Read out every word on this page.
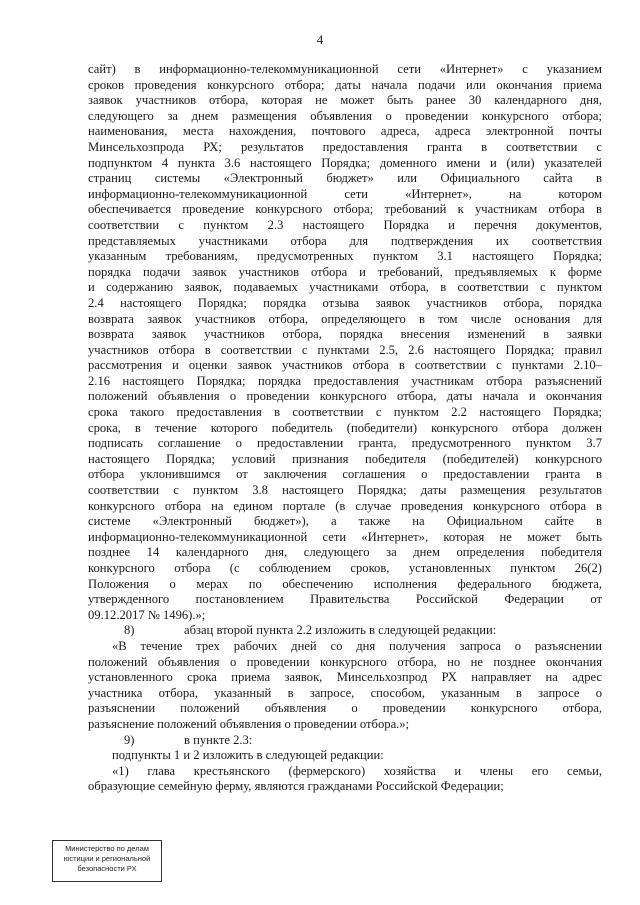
4
сайт) в информационно-телекоммуникационной сети «Интернет» с указанием
сроков проведения конкурсного отбора; даты начала подачи или окончания приема
заявок участников отбора, которая не может быть ранее 30 календарного дня,
следующего за днем размещения объявления о проведении конкурсного отбора;
наименования, места нахождения, почтового адреса, адреса электронной почты
Минсельхозпрода РХ; результатов предоставления гранта в соответствии с
подпунктом 4 пункта 3.6 настоящего Порядка; доменного имени и (или) указателей
страниц системы «Электронный бюджет» или Официального сайта в
информационно-телекоммуникационной сети «Интернет», на котором
обеспечивается проведение конкурсного отбора; требований к участникам отбора в
соответствии с пунктом 2.3 настоящего Порядка и перечня документов,
представляемых участниками отбора для подтверждения их соответствия
указанным требованиям, предусмотренных пунктом 3.1 настоящего Порядка;
порядка подачи заявок участников отбора и требований, предъявляемых к форме
и содержанию заявок, подаваемых участниками отбора, в соответствии с пунктом
2.4 настоящего Порядка; порядка отзыва заявок участников отбора, порядка
возврата заявок участников отбора, определяющего в том числе основания для
возврата заявок участников отбора, порядка внесения изменений в заявки
участников отбора в соответствии с пунктами 2.5, 2.6 настоящего Порядка; правил
рассмотрения и оценки заявок участников отбора в соответствии с пунктами 2.10–
2.16 настоящего Порядка; порядка предоставления участникам отбора разъяснений
положений объявления о проведении конкурсного отбора, даты начала и окончания
срока такого предоставления в соответствии с пунктом 2.2 настоящего Порядка;
срока, в течение которого победитель (победители) конкурсного отбора должен
подписать соглашение о предоставлении гранта, предусмотренного пунктом 3.7
настоящего Порядка; условий признания победителя (победителей) конкурсного
отбора уклонившимся от заключения соглашения о предоставлении гранта в
соответствии с пунктом 3.8 настоящего Порядка; даты размещения результатов
конкурсного отбора на едином портале (в случае проведения конкурсного отбора в
системе «Электронный бюджет»), а также на Официальном сайте в
информационно-телекоммуникационной сети «Интернет», которая не может быть
позднее 14 календарного дня, следующего за днем определения победителя
конкурсного отбора (с соблюдением сроков, установленных пунктом 26(2)
Положения о мерах по обеспечению исполнения федерального бюджета,
утвержденного постановлением Правительства Российской Федерации от
09.12.2017 № 1496).»;
8)	абзац второй пункта 2.2 изложить в следующей редакции:
«В течение трех рабочих дней со дня получения запроса о разъяснении
положений объявления о проведении конкурсного отбора, но не позднее окончания
установленного срока приема заявок, Минсельхозпрод РХ направляет на адрес
участника отбора, указанный в запросе, способом, указанным в запросе о
разъяснении положений объявления о проведении конкурсного отбора,
разъяснение положений объявления о проведении отбора.»;
9)	в пункте 2.3:
подпункты 1 и 2 изложить в следующей редакции:
«1) глава крестьянского (фермерского) хозяйства и члены его семьи,
образующие семейную ферму, являются гражданами Российской Федерации;
Министерство по делам
юстиции и региональной
безопасности РХ
